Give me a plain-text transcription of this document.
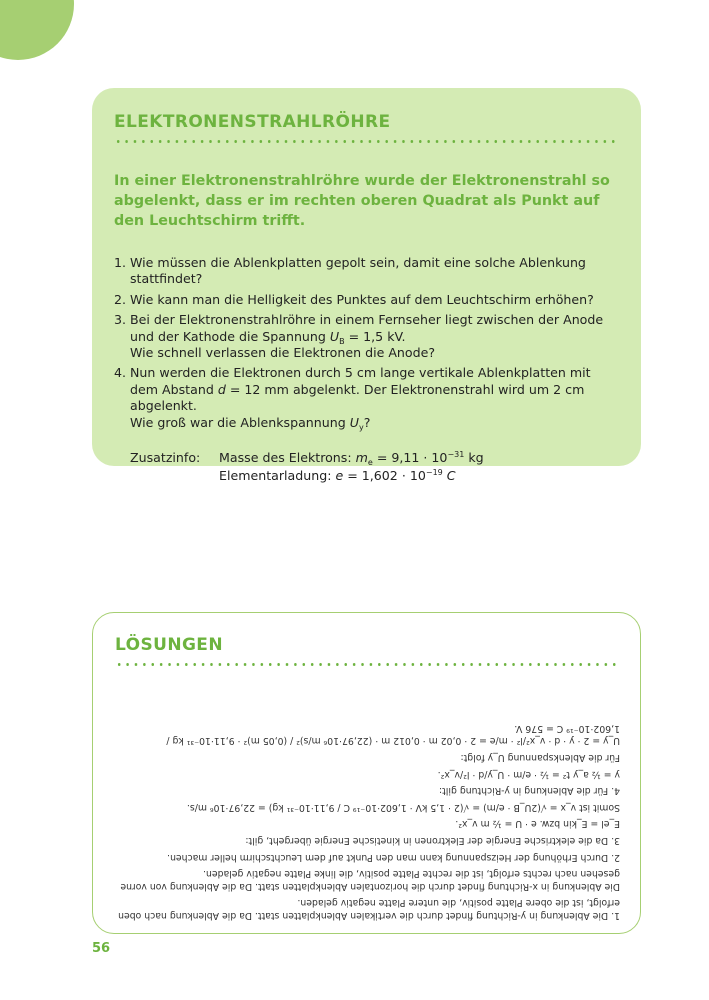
ELEKTRONENSTRAHLRÖHRE
In einer Elektronenstrahlröhre wurde der Elektronenstrahl so abgelenkt, dass er im rechten oberen Quadrat als Punkt auf den Leuchtschirm trifft.
1. Wie müssen die Ablenkplatten gepolt sein, damit eine solche Ablenkung stattfindet?
2. Wie kann man die Helligkeit des Punktes auf dem Leuchtschirm erhöhen?
3. Bei der Elektronenstrahlröhre in einem Fernseher liegt zwischen der Anode und der Kathode die Spannung $U_B = 1,5$ kV.
Wie schnell verlassen die Elektronen die Anode?
4. Nun werden die Elektronen durch 5 cm lange vertikale Ablenkplatten mit dem Abstand d = 12 mm abgelenkt. Der Elektronenstrahl wird um 2 cm abgelenkt.
Wie groß war die Ablenkspannung $U_y$?
Zusatzinfo:	Masse des Elektrons: $m_e = 9,11 \cdot 10^{-31}$ kg
Elementarladung: $e = 1,602 \cdot 10^{-19}$ C
LÖSUNGEN

1. Die Ablenkung in y-Richtung findet durch die vertikalen Ablenkplatten statt. Da die Ablenkung nach oben erfolgt, ist die obere Platte positiv, die untere Platte negativ geladen.

Die Ablenkung in x-Richtung findet durch die horizontalen Ablenkplatten statt. Da die Ablenkung von vorne gesehen nach rechts erfolgt, ist die rechte Platte positiv, die linke Platte negativ geladen.

2. Durch Erhöhung der Heizspannung kann man den Punkt auf dem Leuchtschirm heller machen.

3. Da die elektrische Energie der Elektronen in kinetische Energie übergeht, gilt:

E_el = E_kin bzw. e · U = ½ m v_x².

Somit ist v_x = √(2U_B · e/m) = √(2 · 1,5 kV · 1,602·10⁻¹⁹ C / 9,11·10⁻³¹ kg) = 22,97·10⁶ m/s.

4. Für die Ablenkung in y-Richtung gilt:

y = ½ a_y t² = ½ · e/m · U_y/d · l²/v_x².

Für die Ablenkspannung U_y folgt:

U_y = 2 · y · d · v_x²/l² · m/e = 2 · 0,02 m · 0,012 m · (22,97·10⁶ m/s)² / (0,05 m)² · 9,11·10⁻³¹ kg / 1,602·10⁻¹⁹ C = 576 V.

56
